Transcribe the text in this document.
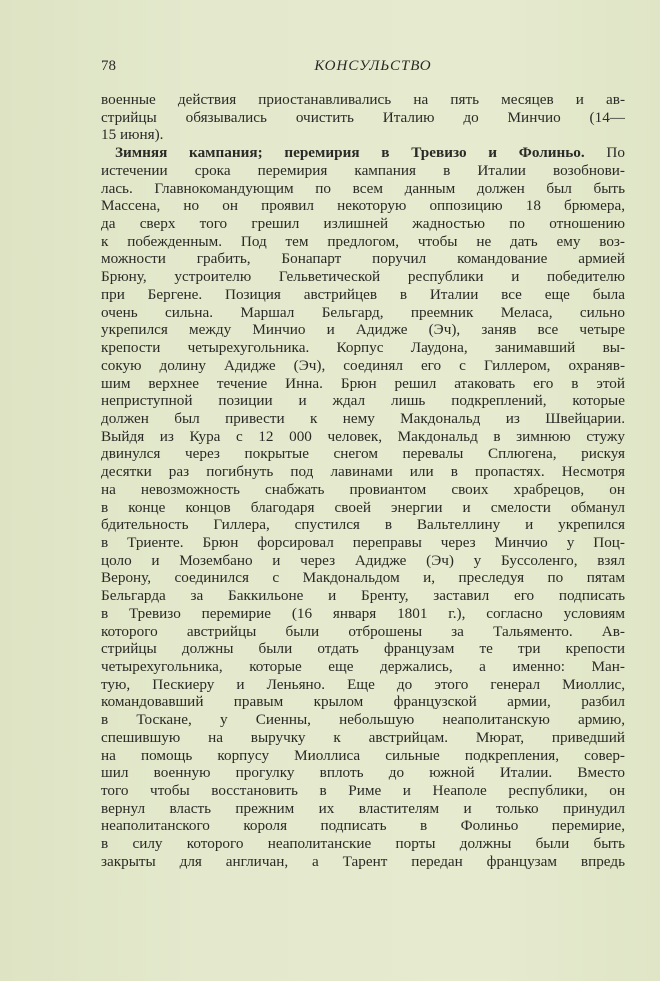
78	КОНСУЛЬСТВО
военные действия приостанавливались на пять месяцев и ав-
стрийцы обязывались очистить Италию до Минчио (14—
15 июня).
Зимняя кампания; перемирия в Тревизо и Фолиньо. По
истечении срока перемирия кампания в Италии возобнови-
лась. Главнокомандующим по всем данным должен был быть
Массена, но он проявил некоторую оппозицию 18 брюмера,
да сверх того грешил излишней жадностью по отношению
к побежденным. Под тем предлогом, чтобы не дать ему воз-
можности грабить, Бонапарт поручил командование армией
Брюну, устроителю Гельветической республики и победителю
при Бергене. Позиция австрийцев в Италии все еще была
очень сильна. Маршал Бельгард, преемник Меласа, сильно
укрепился между Минчио и Адидже (Эч), заняв все четыре
крепости четырехугольника. Корпус Лаудона, занимавший вы-
сокую долину Адидже (Эч), соединял его с Гиллером, охраняв-
шим верхнее течение Инна. Брюн решил атаковать его в этой
неприступной позиции и ждал лишь подкреплений, которые
должен был привести к нему Макдональд из Швейцарии.
Выйдя из Кура с 12 000 человек, Макдональд в зимнюю стужу
двинулся через покрытые снегом перевалы Сплюгена, рискуя
десятки раз погибнуть под лавинами или в пропастях. Несмотря
на невозможность снабжать провиантом своих храбрецов, он
в конце концов благодаря своей энергии и смелости обманул
бдительность Гиллера, спустился в Вальтеллину и укрепился
в Триенте. Брюн форсировал переправы через Минчио у Поц-
цоло и Мозембано и через Адидже (Эч) у Буссоленго, взял
Верону, соединился с Макдональдом и, преследуя по пятам
Бельгарда за Баккильоне и Бренту, заставил его подписать
в Тревизо перемирие (16 января 1801 г.), согласно условиям
которого австрийцы были отброшены за Тальяменто. Ав-
стрийцы должны были отдать французам те три крепости
четырехугольника, которые еще держались, а именно: Ман-
тую, Пескиеру и Леньяно. Еще до этого генерал Миоллис,
командовавший правым крылом французской армии, разбил
в Тоскане, у Сиенны, небольшую неаполитанскую армию,
спешившую на выручку к австрийцам. Мюрат, приведший
на помощь корпусу Миоллиса сильные подкрепления, совер-
шил военную прогулку вплоть до южной Италии. Вместо
того чтобы восстановить в Риме и Неаполе республики, он
вернул власть прежним их властителям и только принудил
неаполитанского короля подписать в Фолиньо перемирие,
в силу которого неаполитанские порты должны были быть
закрыты для англичан, а Тарент передан французам впредь
